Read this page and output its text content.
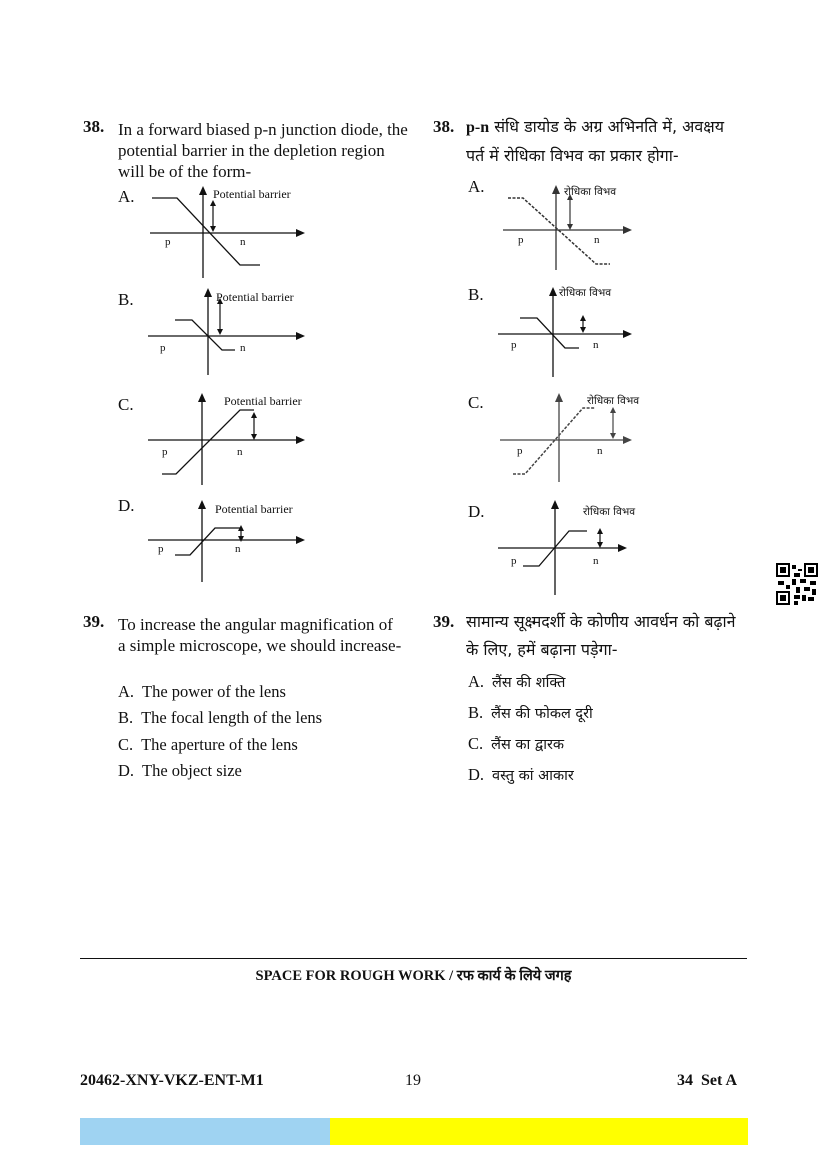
38. In a forward biased p-n junction diode, the potential barrier in the depletion region will be of the form-
A.	Potential barrier
p	n
B.	Potential barrier
p	n
C.	Potential barrier
p	n
D.	Potential barrier
p	n
38. p-n संधि डायोड के अग्र अभिनति में, अवक्षय पर्त में रोधिका विभव का प्रकार होगा-
A.	रोधिका विभव
p	n
B.	रोधिका विभव
p	n
C.	रोधिका विभव
p	n
D.	रोधिका विभव
p	n
39. To increase the angular magnification of a simple microscope, we should increase-
A. The power of the lens
B. The focal length of the lens
C. The aperture of the lens
D. The object size
39. सामान्य सूक्ष्मदर्शी के कोणीय आवर्धन को बढ़ाने के लिए, हमें बढ़ाना पड़ेगा-
A. लैंस की शक्ति
B. लैंस की फोकल दूरी
C. लैंस का द्वारक
D. वस्तु कां आकार
SPACE FOR ROUGH WORK / रफ कार्य के लिये जगह
20462-XNY-VKZ-ENT-M1	19	34 Set A
